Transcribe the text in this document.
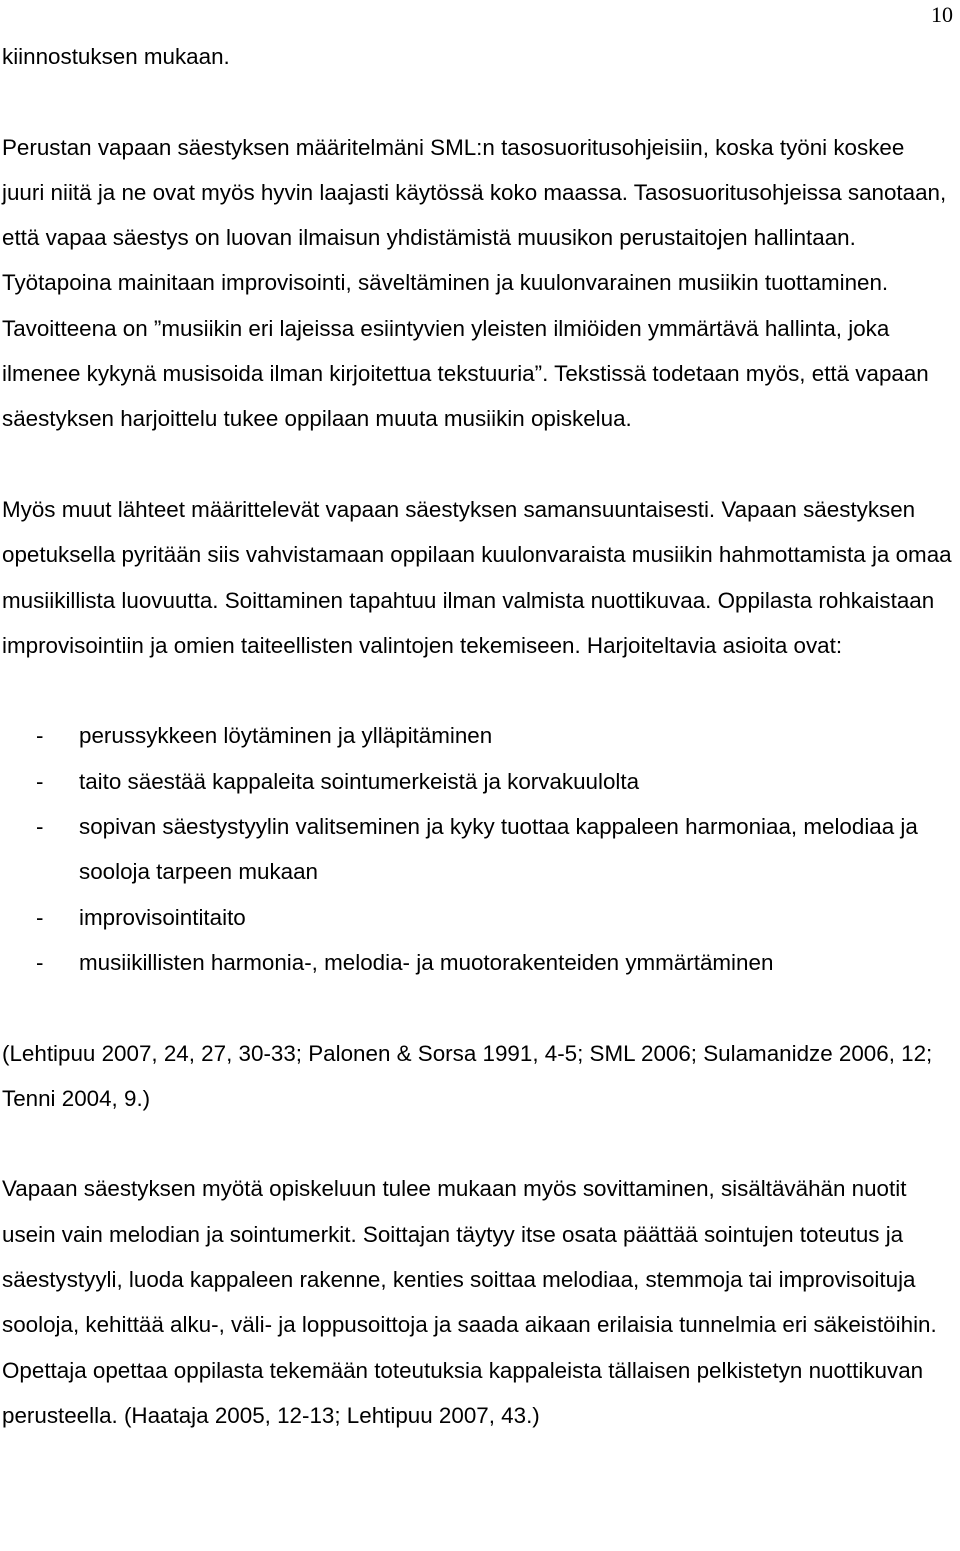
10

kiinnostuksen mukaan.

Perustan vapaan säestyksen määritelmäni SML:n tasosuoritusohjeisiin, koska työni koskee juuri niitä ja ne ovat myös hyvin laajasti käytössä koko maassa. Tasosuoritusohjeissa sanotaan, että vapaa säestys on luovan ilmaisun yhdistämistä muusikon perustaitojen hallintaan. Työtapoina mainitaan improvisointi, säveltäminen ja kuulonvarainen musiikin tuottaminen. Tavoitteena on ”musiikin eri lajeissa esiintyvien yleisten ilmiöiden ymmärtävä hallinta, joka ilmenee kykynä musisoida ilman kirjoitettua tekstuuria”. Tekstissä todetaan myös, että vapaan säestyksen harjoittelu tukee oppilaan muuta musiikin opiskelua.

Myös muut lähteet määrittelevät vapaan säestyksen samansuuntaisesti. Vapaan säestyksen opetuksella pyritään siis vahvistamaan oppilaan kuulonvaraista musiikin hahmottamista ja omaa musiikillista luovuutta. Soittaminen tapahtuu ilman valmista nuottikuvaa. Oppilasta rohkaistaan improvisointiin ja omien taiteellisten valintojen tekemiseen. Harjoiteltavia asioita ovat:

- perussykkeen löytäminen ja ylläpitäminen
- taito säestää kappaleita sointumerkeistä ja korvakuulolta
- sopivan säestystyylin valitseminen ja kyky tuottaa kappaleen harmoniaa, melodiaa ja sooloja tarpeen mukaan
- improvisointitaito
- musiikillisten harmonia-, melodia- ja muotorakenteiden ymmärtäminen

(Lehtipuu 2007, 24, 27, 30-33; Palonen & Sorsa 1991, 4-5; SML 2006; Sulamanidze 2006, 12; Tenni 2004, 9.)

Vapaan säestyksen myötä opiskeluun tulee mukaan myös sovittaminen, sisältävähän nuotit usein vain melodian ja sointumerkit. Soittajan täytyy itse osata päättää sointujen toteutus ja säestystyyli, luoda kappaleen rakenne, kenties soittaa melodiaa, stemmoja tai improvisoituja sooloja, kehittää alku-, väli- ja loppusoittoja ja saada aikaan erilaisia tunnelmia eri säkeistöihin. Opettaja opettaa oppilasta tekemään toteutuksia kappaleista tällaisen pelkistetyn nuottikuvan perusteella. (Haataja 2005, 12-13; Lehtipuu 2007, 43.)
